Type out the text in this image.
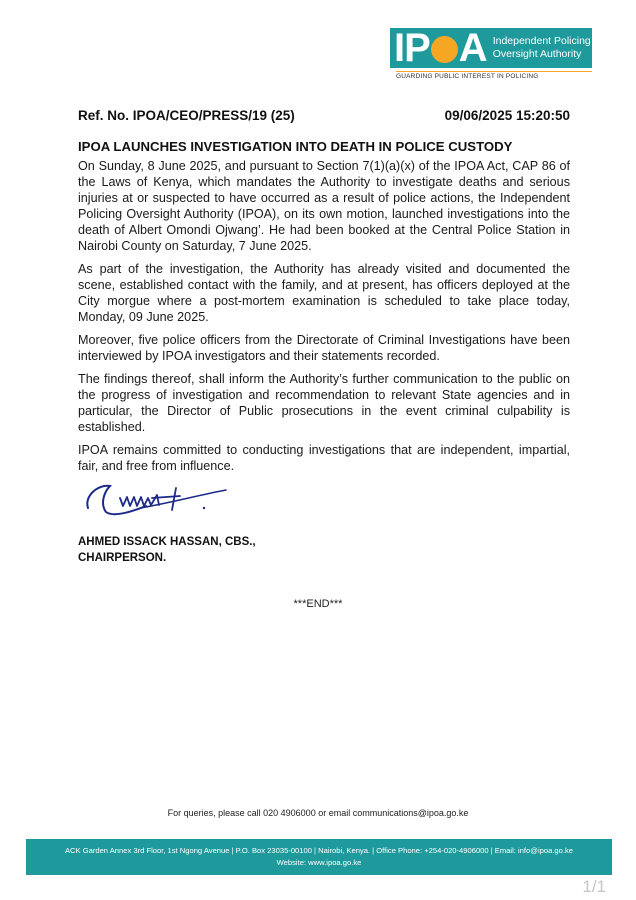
IP A Independent Policing
Oversight Authority
GUARDING PUBLIC INTEREST IN POLICING
Ref. No. IPOA/CEO/PRESS/19 (25)	09/06/2025 15:20:50
IPOA LAUNCHES INVESTIGATION INTO DEATH IN POLICE CUSTODY

On Sunday, 8 June 2025, and pursuant to Section 7(1)(a)(x) of the IPOA Act, CAP 86 of the Laws of Kenya, which mandates the Authority to investigate deaths and serious injuries at or suspected to have occurred as a result of police actions, the Independent Policing Oversight Authority (IPOA), on its own motion, launched investigations into the death of Albert Omondi Ojwang’. He had been booked at the Central Police Station in Nairobi County on Saturday, 7 June 2025.

As part of the investigation, the Authority has already visited and documented the scene, established contact with the family, and at present, has officers deployed at the City morgue where a post-mortem examination is scheduled to take place today, Monday, 09 June 2025.

Moreover, five police officers from the Directorate of Criminal Investigations have been interviewed by IPOA investigators and their statements recorded.

The findings thereof, shall inform the Authority’s further communication to the public on the progress of investigation and recommendation to relevant State agencies and in particular, the Director of Public prosecutions in the event criminal culpability is established.

IPOA remains committed to conducting investigations that are independent, impartial, fair, and free from influence.

AHMED ISSACK HASSAN, CBS.,
CHAIRPERSON.
***END***
For queries, please call 020 4906000 or email communications@ipoa.go.ke
ACK Garden Annex 3rd Floor, 1st Ngong Avenue | P.O. Box 23035-00100 | Nairobi, Kenya. | Office Phone: +254-020-4906000 | Email: info@ipoa.go.ke
Website: www.ipoa.go.ke
1/1
